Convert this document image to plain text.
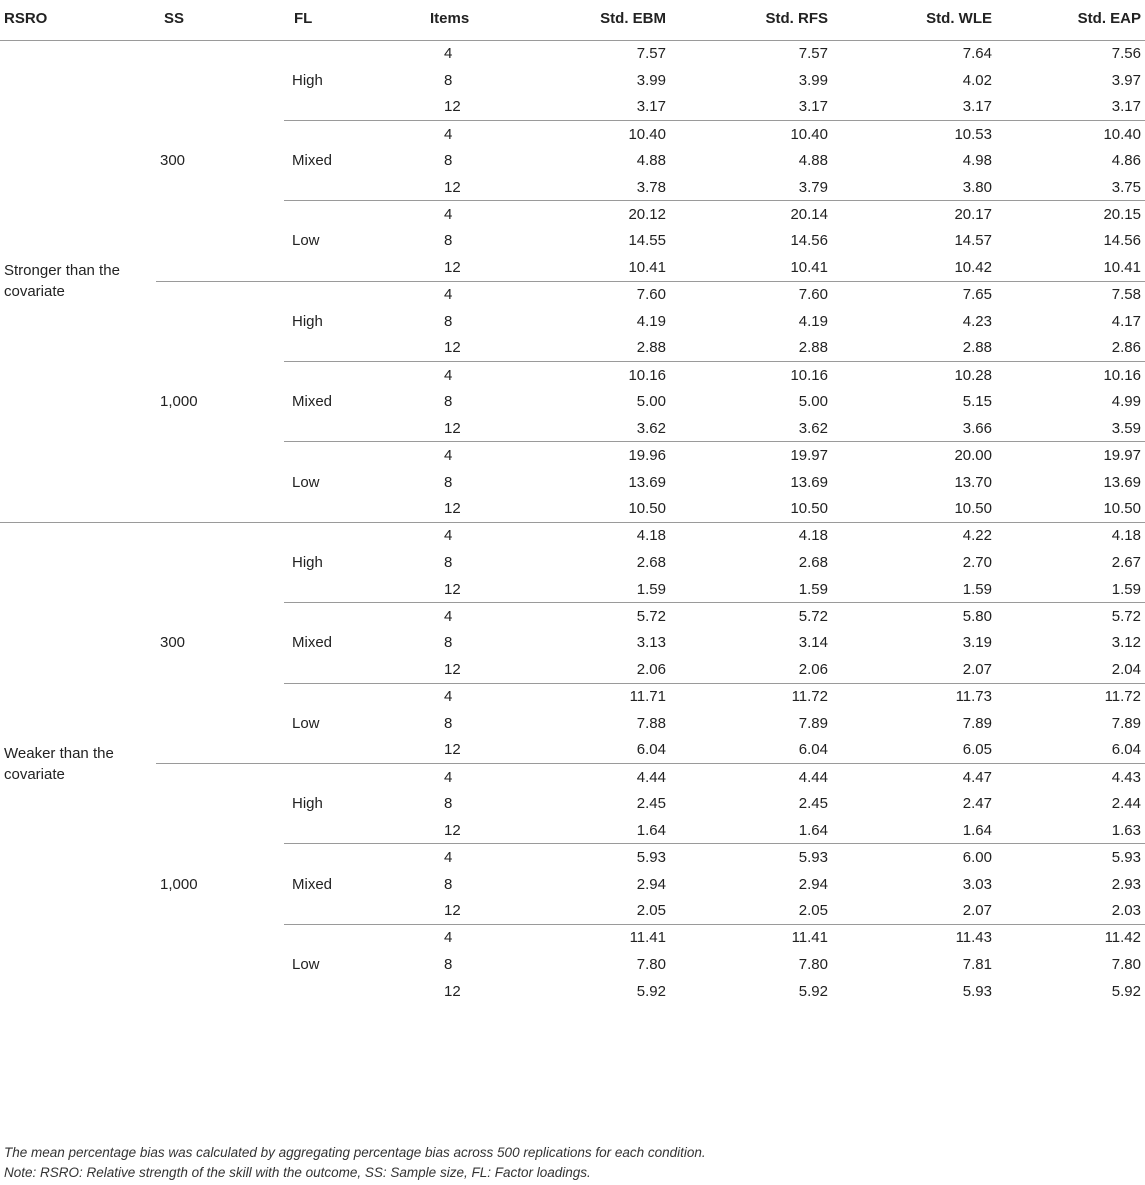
RSRO	SS	FL	Items	Std. EBM	Std. RFS	Std. WLE	Std. EAP
Stronger than the covariate	300	High	4	7.57	7.57	7.64	7.56
			8	3.99	3.99	4.02	3.97
			12	3.17	3.17	3.17	3.17
		Mixed	4	10.40	10.40	10.53	10.40
			8	4.88	4.88	4.98	4.86
			12	3.78	3.79	3.80	3.75
		Low	4	20.12	20.14	20.17	20.15
			8	14.55	14.56	14.57	14.56
			12	10.41	10.41	10.42	10.41
	1,000	High	4	7.60	7.60	7.65	7.58
			8	4.19	4.19	4.23	4.17
			12	2.88	2.88	2.88	2.86
		Mixed	4	10.16	10.16	10.28	10.16
			8	5.00	5.00	5.15	4.99
			12	3.62	3.62	3.66	3.59
		Low	4	19.96	19.97	20.00	19.97
			8	13.69	13.69	13.70	13.69
			12	10.50	10.50	10.50	10.50
Weaker than the covariate	300	High	4	4.18	4.18	4.22	4.18
			8	2.68	2.68	2.70	2.67
			12	1.59	1.59	1.59	1.59
		Mixed	4	5.72	5.72	5.80	5.72
			8	3.13	3.14	3.19	3.12
			12	2.06	2.06	2.07	2.04
		Low	4	11.71	11.72	11.73	11.72
			8	7.88	7.89	7.89	7.89
			12	6.04	6.04	6.05	6.04
	1,000	High	4	4.44	4.44	4.47	4.43
			8	2.45	2.45	2.47	2.44
			12	1.64	1.64	1.64	1.63
		Mixed	4	5.93	5.93	6.00	5.93
			8	2.94	2.94	3.03	2.93
			12	2.05	2.05	2.07	2.03
		Low	4	11.41	11.41	11.43	11.42
			8	7.80	7.80	7.81	7.80
			12	5.92	5.92	5.93	5.92
The mean percentage bias was calculated by aggregating percentage bias across 500 replications for each condition.
Note: RSRO: Relative strength of the skill with the outcome, SS: Sample size, FL: Factor loadings.
